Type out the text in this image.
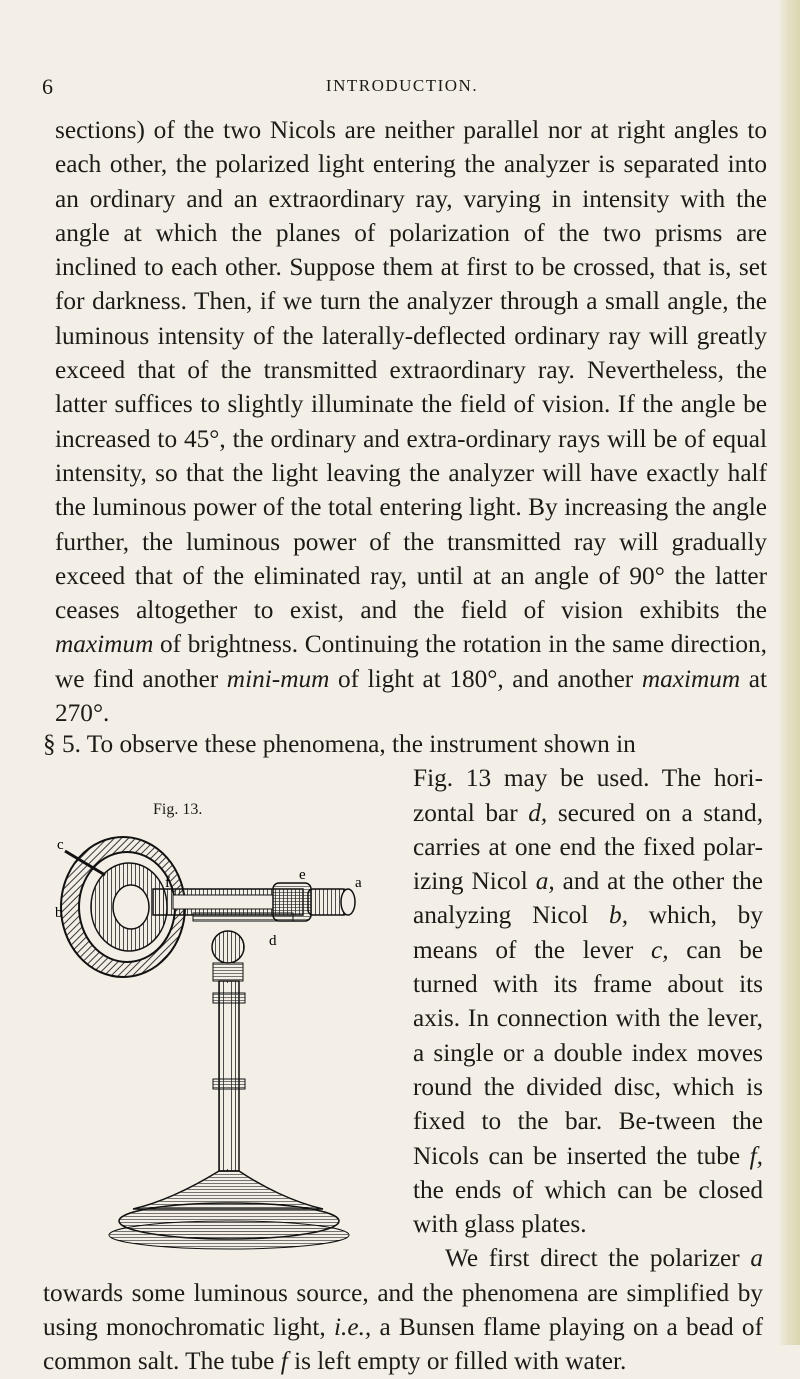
6	INTRODUCTION.
sections) of the two Nicols are neither parallel nor at right angles to each other, the polarized light entering the analyzer is separated into an ordinary and an extraordinary ray, varying in intensity with the angle at which the planes of polarization of the two prisms are inclined to each other. Suppose them at first to be crossed, that is, set for darkness. Then, if we turn the analyzer through a small angle, the luminous intensity of the laterally-deflected ordinary ray will greatly exceed that of the transmitted extraordinary ray. Nevertheless, the latter suffices to slightly illuminate the field of vision. If the angle be increased to 45°, the ordinary and extra-ordinary rays will be of equal intensity, so that the light leaving the analyzer will have exactly half the luminous power of the total entering light. By increasing the angle further, the luminous power of the transmitted ray will gradually exceed that of the eliminated ray, until at an angle of 90° the latter ceases altogether to exist, and the field of vision exhibits the maximum of brightness. Continuing the rotation in the same direction, we find another mini-mum of light at 180°, and another maximum at 270°.
§ 5. To observe these phenomena, the instrument shown in
Fig. 13.
c
e	a
f
b
d
Fig. 13 may be used. The hori-zontal bar d, secured on a stand, carries at one end the fixed polar-izing Nicol a, and at the other the analyzing Nicol b, which, by means of the lever c, can be turned with its frame about its axis. In connection with the lever, a single or a double index moves round the divided disc, which is fixed to the bar. Be-tween the Nicols can be inserted the tube f, the ends of which can be closed with glass plates.
We first direct the polarizer a towards some luminous source, and the phenomena are simplified by using monochromatic light, i.e., a Bunsen flame playing on a bead of common salt. The tube f is left empty or filled with water.
